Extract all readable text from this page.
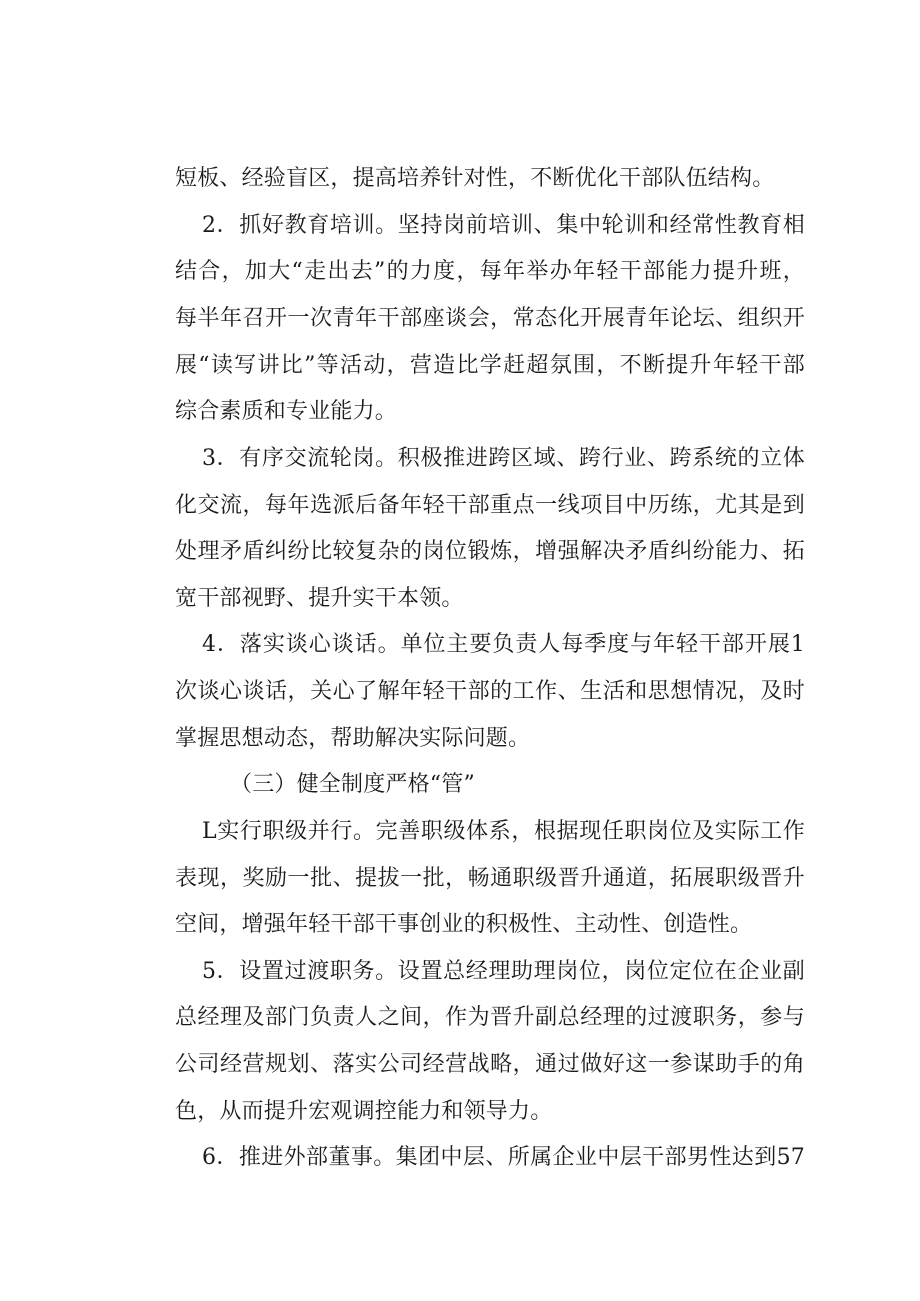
短板、经验盲区，提高培养针对性，不断优化干部队伍结构。
2．抓好教育培训。坚持岗前培训、集中轮训和经常性教育相
结合，加大“走出去”的力度，每年举办年轻干部能力提升班，
每半年召开一次青年干部座谈会，常态化开展青年论坛、组织开
展“读写讲比”等活动，营造比学赶超氛围，不断提升年轻干部
综合素质和专业能力。
3．有序交流轮岗。积极推进跨区域、跨行业、跨系统的立体
化交流，每年选派后备年轻干部重点一线项目中历练，尤其是到
处理矛盾纠纷比较复杂的岗位锻炼，增强解决矛盾纠纷能力、拓
宽干部视野、提升实干本领。
4．落实谈心谈话。单位主要负责人每季度与年轻干部开展1
次谈心谈话，关心了解年轻干部的工作、生活和思想情况，及时
掌握思想动态，帮助解决实际问题。
（三）健全制度严格“管”
L实行职级并行。完善职级体系，根据现任职岗位及实际工作
表现，奖励一批、提拔一批，畅通职级晋升通道，拓展职级晋升
空间，增强年轻干部干事创业的积极性、主动性、创造性。
5．设置过渡职务。设置总经理助理岗位，岗位定位在企业副
总经理及部门负责人之间，作为晋升副总经理的过渡职务，参与
公司经营规划、落实公司经营战略，通过做好这一参谋助手的角
色，从而提升宏观调控能力和领导力。
6．推进外部董事。集团中层、所属企业中层干部男性达到57
